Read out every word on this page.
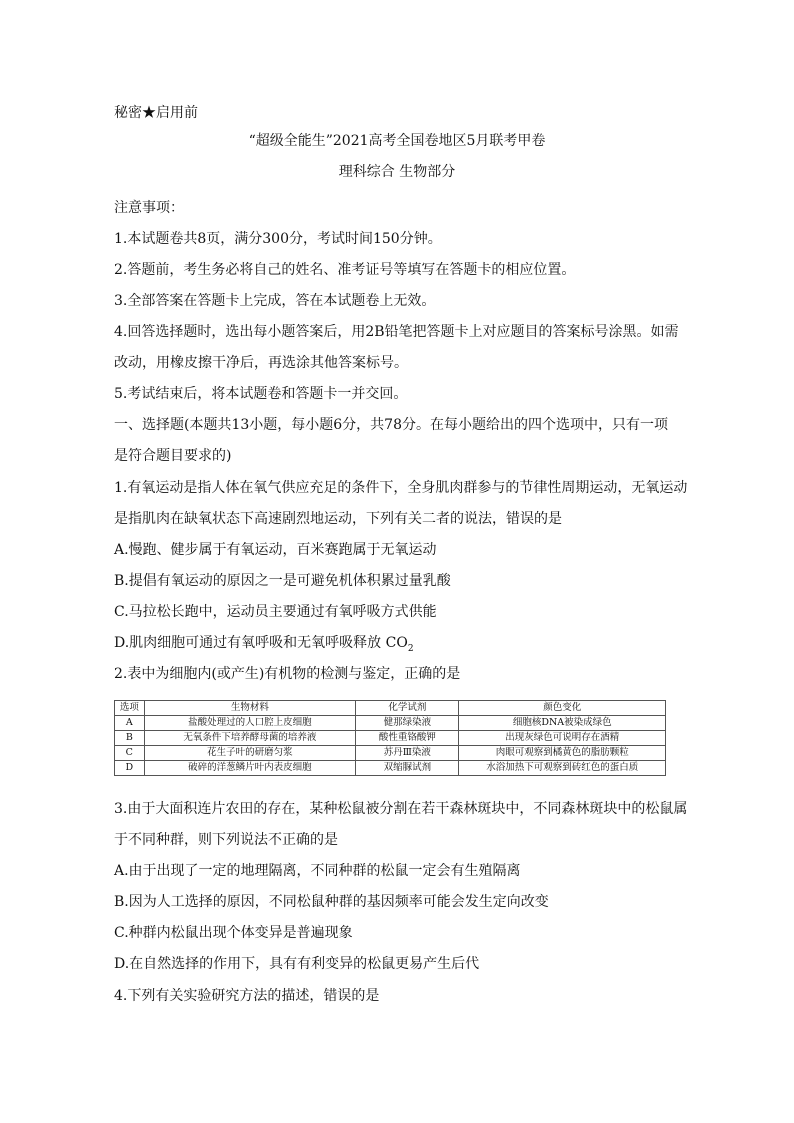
秘密★启用前
“超级全能生”2021高考全国卷地区5月联考甲卷
理科综合 生物部分
注意事项：
1.本试题卷共8页，满分300分，考试时间150分钟。
2.答题前，考生务必将自己的姓名、准考证号等填写在答题卡的相应位置。
3.全部答案在答题卡上完成，答在本试题卷上无效。
4.回答选择题时，选出每小题答案后，用2B铅笔把答题卡上对应题目的答案标号涂黑。如需
改动，用橡皮擦干净后，再选涂其他答案标号。
5.考试结束后，将本试题卷和答题卡一并交回。
一、选择题(本题共13小题，每小题6分，共78分。在每小题给出的四个选项中，只有一项
是符合题目要求的)
1.有氧运动是指人体在氧气供应充足的条件下，全身肌肉群参与的节律性周期运动，无氧运动
是指肌肉在缺氧状态下高速剧烈地运动，下列有关二者的说法，错误的是
A.慢跑、健步属于有氧运动，百米赛跑属于无氧运动
B.提倡有氧运动的原因之一是可避免机体积累过量乳酸
C.马拉松长跑中，运动员主要通过有氧呼吸方式供能
D.肌肉细胞可通过有氧呼吸和无氧呼吸释放 $CO_2$
2.表中为细胞内(或产生)有机物的检测与鉴定，正确的是
选项	生物材料	化学试剂	颜色变化
A	盐酸处理过的人口腔上皮细胞	健那绿染液	细胞核DNA被染成绿色
B	无氧条件下培养酵母菌的培养液	酸性重铬酸钾	出现灰绿色可说明存在酒精
C	花生子叶的研磨匀浆	苏丹Ⅲ染液	肉眼可观察到橘黄色的脂肪颗粒
D	破碎的洋葱鳞片叶内表皮细胞	双缩脲试剂	水浴加热下可观察到砖红色的蛋白质
3.由于大面积连片农田的存在，某种松鼠被分割在若干森林斑块中，不同森林斑块中的松鼠属
于不同种群，则下列说法不正确的是
A.由于出现了一定的地理隔离，不同种群的松鼠一定会有生殖隔离
B.因为人工选择的原因，不同松鼠种群的基因频率可能会发生定向改变
C.种群内松鼠出现个体变异是普遍现象
D.在自然选择的作用下，具有有利变异的松鼠更易产生后代
4.下列有关实验研究方法的描述，错误的是
